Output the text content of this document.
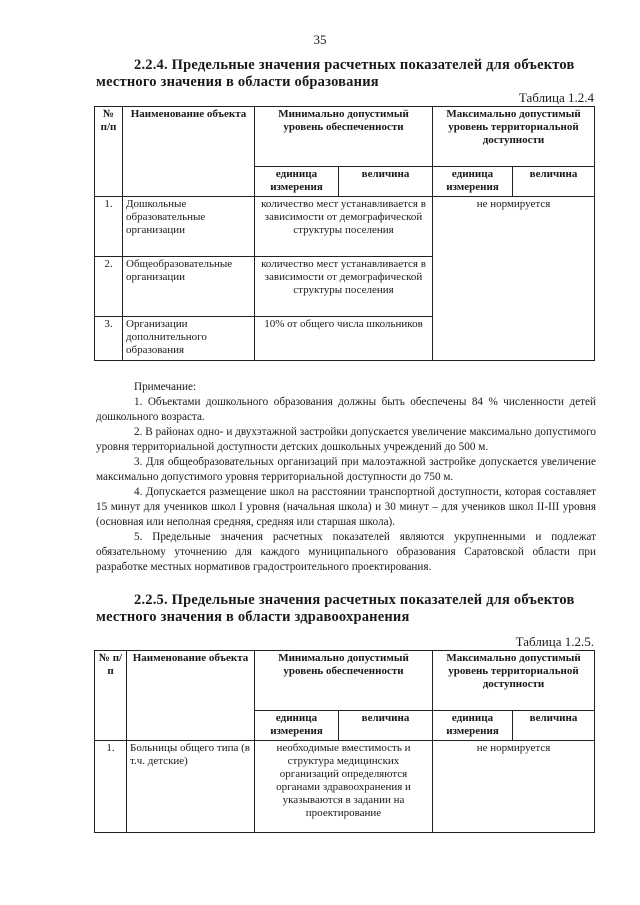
35
2.2.4. Предельные значения расчетных показателей для объектов
местного значения в области образования
Таблица 1.2.4
№ п/п	Наименование объекта	Минимально допустимый уровень обеспеченности		Максимально допустимый уровень территориальной доступности	
		единица измерения	величина	единица измерения	величина
1.	Дошкольные образовательные организации	количество мест устанавливается в зависимости от демографической структуры поселения		не нормируется	
2.	Общеобразовательные организации	количество мест устанавливается в зависимости от демографической структуры поселения			
3.	Организации дополнительного образования	10% от общего числа школьников			

Примечание:

1. Объектами дошкольного образования должны быть обеспечены 84 % численности детей дошкольного возраста.

2. В районах одно- и двухэтажной застройки допускается увеличение максимально допустимого уровня территориальной доступности детских дошкольных учреждений до 500 м.

3. Для общеобразовательных организаций при малоэтажной застройке допускается увеличение максимально допустимого уровня территориальной доступности до 750 м.

4. Допускается размещение школ на расстоянии транспортной доступности, которая составляет 15 минут для учеников школ I уровня (начальная школа) и 30 минут – для учеников школ II-III уровня (основная или неполная средняя, средняя или старшая школа).

5. Предельные значения расчетных показателей являются укрупненными и подлежат обязательному уточнению для каждого муниципального образования Саратовской области при разработке местных нормативов градостроительного проектирования.

2.2.5. Предельные значения расчетных показателей для объектов
местного значения в области здравоохранения
Таблица 1.2.5.
№ п/п	Наименование объекта	Минимально допустимый уровень обеспеченности		Максимально допустимый уровень территориальной доступности	
		единица измерения	величина	единица измерения	величина
1.	Больницы общего типа (в т.ч. детские)	необходимые вместимость и структура медицинских организаций определяются органами здравоохранения и указываются в задании на проектирование		не нормируется	
